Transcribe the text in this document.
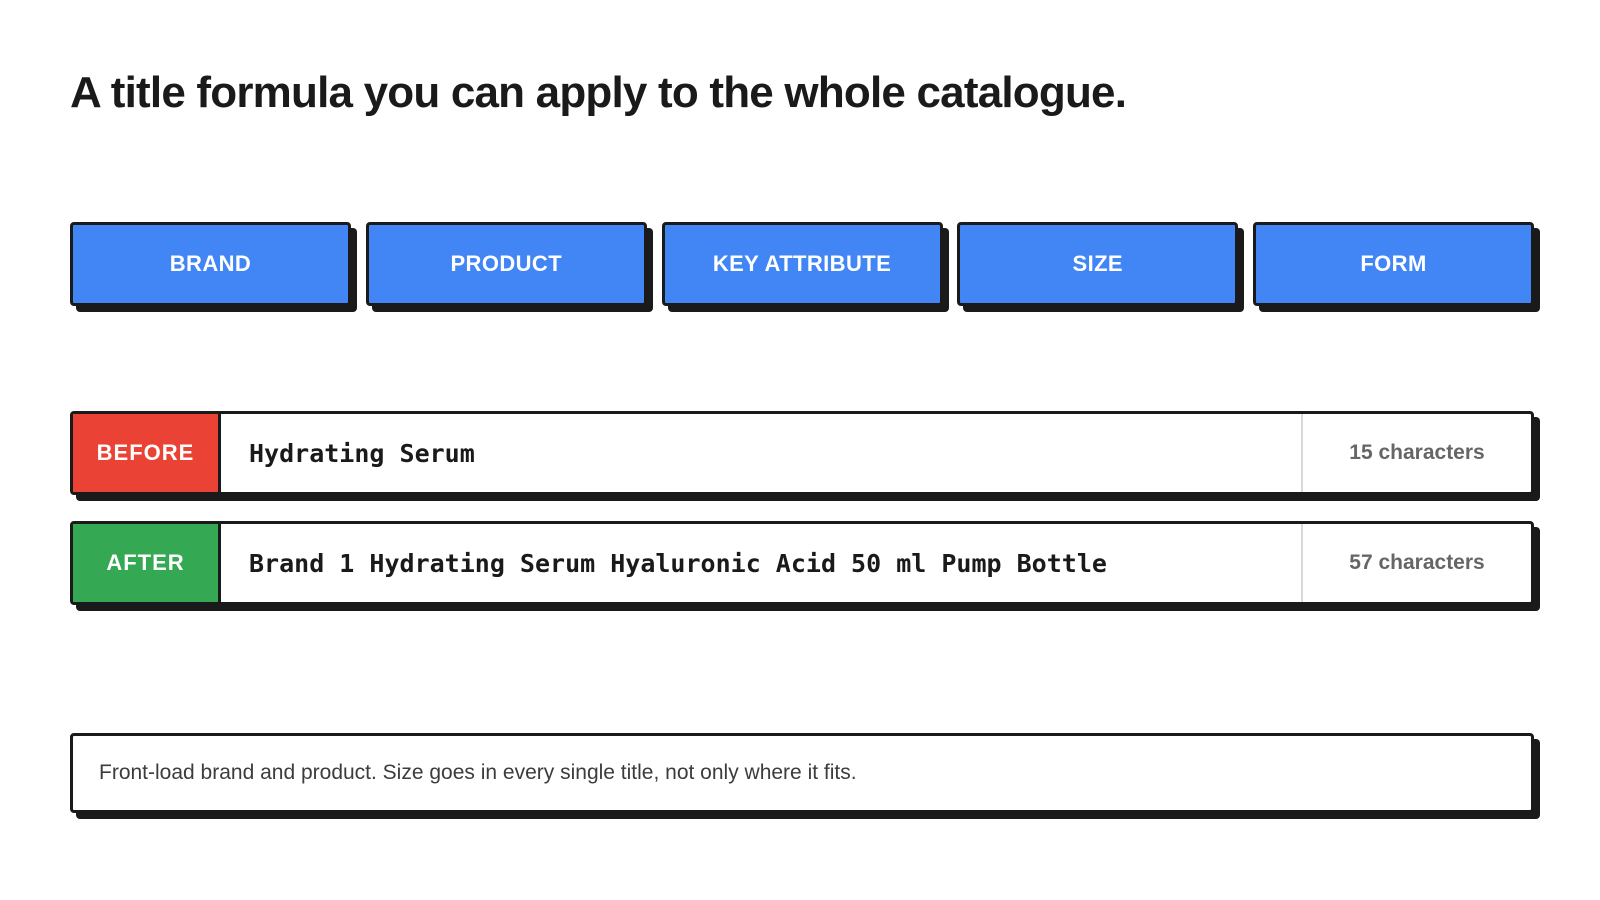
A title formula you can apply to the whole catalogue.
BRAND	PRODUCT	KEY ATTRIBUTE	SIZE	FORM
BEFORE	Hydrating Serum	15 characters
AFTER	Brand 1 Hydrating Serum Hyaluronic Acid 50 ml Pump Bottle	57 characters
Front-load brand and product. Size goes in every single title, not only where it fits.
